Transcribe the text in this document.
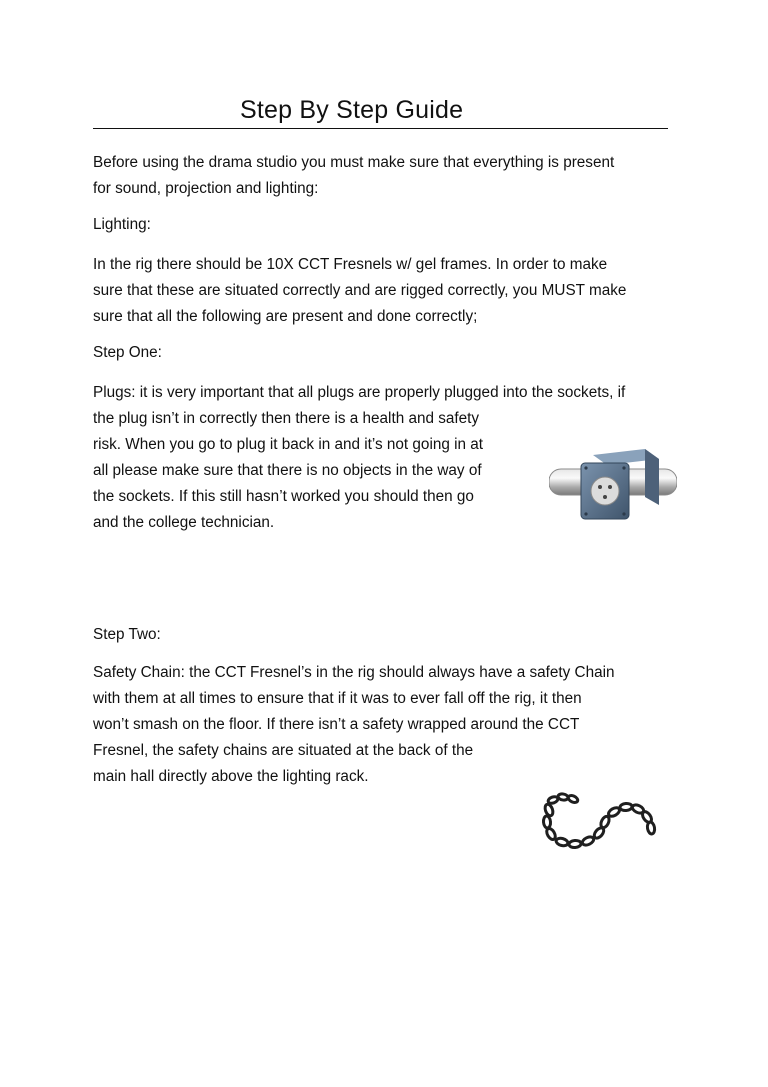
Step By Step Guide

Before using the drama studio you must make sure that everything is present
for sound, projection and lighting:

Lighting:

In the rig there should be 10X CCT Fresnels w/ gel frames. In order to make
sure that these are situated correctly and are rigged correctly, you MUST make
sure that all the following are present and done correctly;

Step One:

Plugs: it is very important that all plugs are properly plugged into the sockets, if
the plug isn’t in correctly then there is a health and safety
risk. When you go to plug it back in and it’s not going in at
all please make sure that there is no objects in the way of
the sockets. If this still hasn’t worked you should then go
and the college technician.

Step Two:

Safety Chain: the CCT Fresnel’s in the rig should always have a safety Chain
with them at all times to ensure that if it was to ever fall off the rig, it then
won’t smash on the floor. If there isn’t a safety wrapped around the CCT
Fresnel, the safety chains are situated at the back of the
main hall directly above the lighting rack.
